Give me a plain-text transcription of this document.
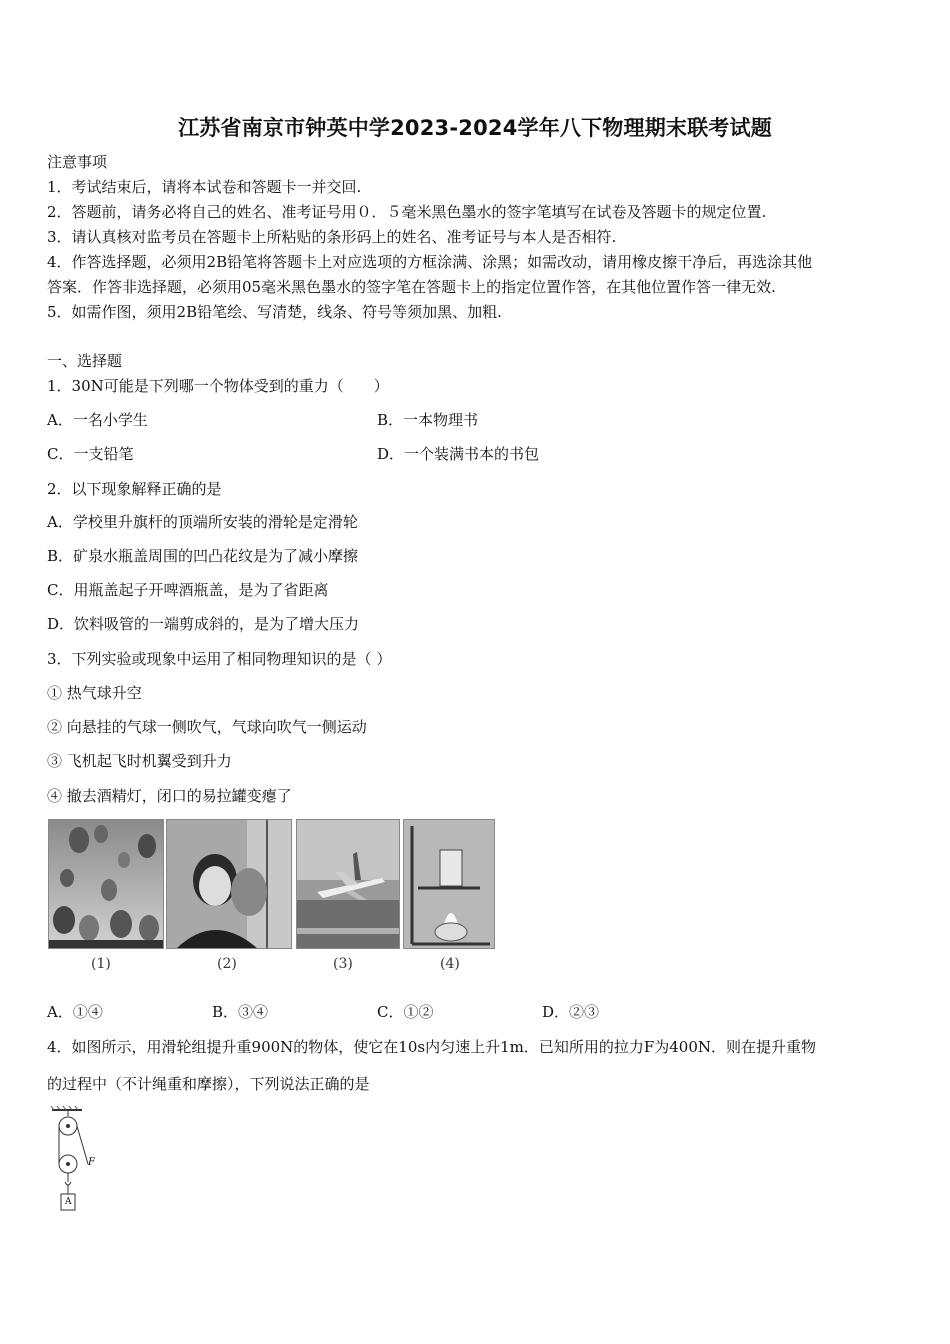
江苏省南京市钟英中学2023-2024学年八下物理期末联考试题
注意事项
1．考试结束后，请将本试卷和答题卡一并交回.
2．答题前，请务必将自己的姓名、准考证号用０．５毫米黑色墨水的签字笔填写在试卷及答题卡的规定位置.
3．请认真核对监考员在答题卡上所粘贴的条形码上的姓名、准考证号与本人是否相符.
4．作答选择题，必须用2B铅笔将答题卡上对应选项的方框涂满、涂黑；如需改动，请用橡皮擦干净后，再选涂其他
答案．作答非选择题，必须用05毫米黑色墨水的签字笔在答题卡上的指定位置作答，在其他位置作答一律无效.
5．如需作图，须用2B铅笔绘、写清楚，线条、符号等须加黑、加粗.
一、选择题
1．30N可能是下列哪一个物体受到的重力（　　）
A．一名小学生	B．一本物理书
C．一支铅笔	D．一个装满书本的书包
2．以下现象解释正确的是
A．学校里升旗杆的顶端所安装的滑轮是定滑轮
B．矿泉水瓶盖周围的凹凸花纹是为了减小摩擦
C．用瓶盖起子开啤酒瓶盖，是为了省距离
D．饮料吸管的一端剪成斜的，是为了增大压力
3．下列实验或现象中运用了相同物理知识的是（ ）
① 热气球升空
② 向悬挂的气球一侧吹气，气球向吹气一侧运动
③ 飞机起飞时机翼受到升力
④ 撤去酒精灯，闭口的易拉罐变瘪了
(1)	(2)	(3)	(4)
A．①④	B．③④	C．①②	D．②③
4．如图所示，用滑轮组提升重900N的物体，使它在10s内匀速上升1m．已知所用的拉力F为400N．则在提升重物
的过程中（不计绳重和摩擦），下列说法正确的是
F
A
